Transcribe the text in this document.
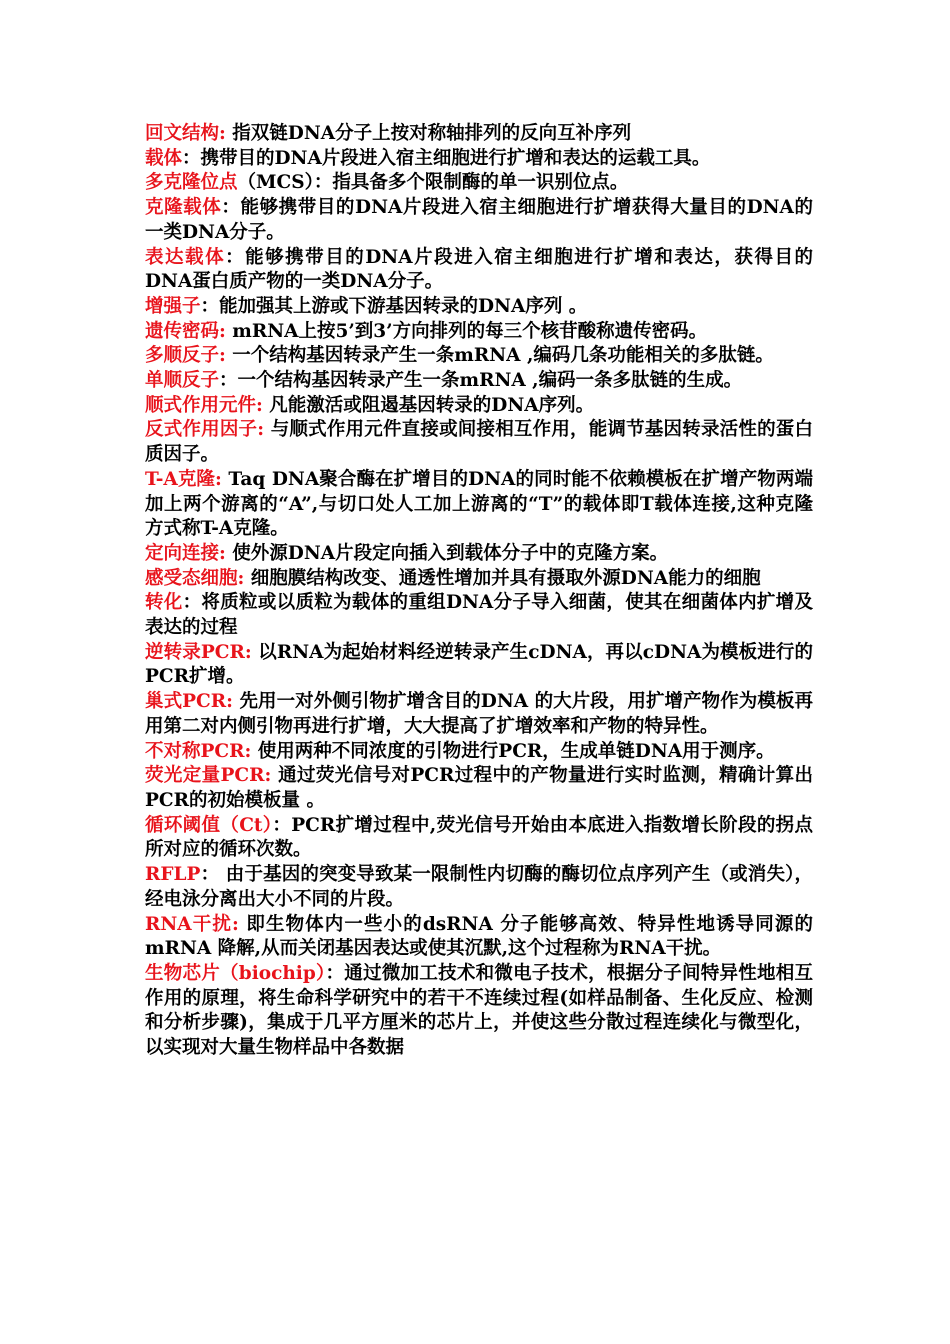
回文结构: 指双链DNA分子上按对称轴排列的反向互补序列

载体：携带目的DNA片段进入宿主细胞进行扩增和表达的运载工具。

多克隆位点（MCS）：指具备多个限制酶的单一识别位点。

克隆载体：能够携带目的DNA片段进入宿主细胞进行扩增获得大量目的DNA的一类DNA分子。

表达载体：能够携带目的DNA片段进入宿主细胞进行扩增和表达，获得目的DNA蛋白质产物的一类DNA分子。

增强子：能加强其上游或下游基因转录的DNA序列 。

遗传密码: mRNA上按5’到3’方向排列的每三个核苷酸称遗传密码。

多顺反子: 一个结构基因转录产生一条mRNA ,编码几条功能相关的多肽链。

单顺反子：一个结构基因转录产生一条mRNA ,编码一条多肽链的生成。

顺式作用元件: 凡能激活或阻遏基因转录的DNA序列。

反式作用因子: 与顺式作用元件直接或间接相互作用，能调节基因转录活性的蛋白质因子。

T-A克隆: Taq DNA聚合酶在扩增目的DNA的同时能不依赖模板在扩增产物两端加上两个游离的“A”,与切口处人工加上游离的“T”的载体即T载体连接,这种克隆方式称T-A克隆。

定向连接: 使外源DNA片段定向插入到载体分子中的克隆方案。

感受态细胞: 细胞膜结构改变、通透性增加并具有摄取外源DNA能力的细胞

转化：将质粒或以质粒为载体的重组DNA分子导入细菌，使其在细菌体内扩增及表达的过程

逆转录PCR: 以RNA为起始材料经逆转录产生cDNA，再以cDNA为模板进行的PCR扩增。

巢式PCR: 先用一对外侧引物扩增含目的DNA 的大片段，用扩增产物作为模板再用第二对内侧引物再进行扩增，大大提高了扩增效率和产物的特异性。

不对称PCR: 使用两种不同浓度的引物进行PCR，生成单链DNA用于测序。

荧光定量PCR: 通过荧光信号对PCR过程中的产物量进行实时监测，精确计算出PCR的初始模板量 。

循环阈值（Ct）：PCR扩增过程中,荧光信号开始由本底进入指数增长阶段的拐点所对应的循环次数。

RFLP： 由于基因的突变导致某一限制性内切酶的酶切位点序列产生（或消失），经电泳分离出大小不同的片段。

RNA干扰: 即生物体内一些小的dsRNA 分子能够高效、特异性地诱导同源的mRNA 降解,从而关闭基因表达或使其沉默,这个过程称为RNA干扰。

生物芯片（biochip）：通过微加工技术和微电子技术，根据分子间特异性地相互作用的原理，将生命科学研究中的若干不连续过程(如样品制备、生化反应、检测和分析步骤)，集成于几平方厘米的芯片上，并使这些分散过程连续化与微型化，以实现对大量生物样品中各数据
